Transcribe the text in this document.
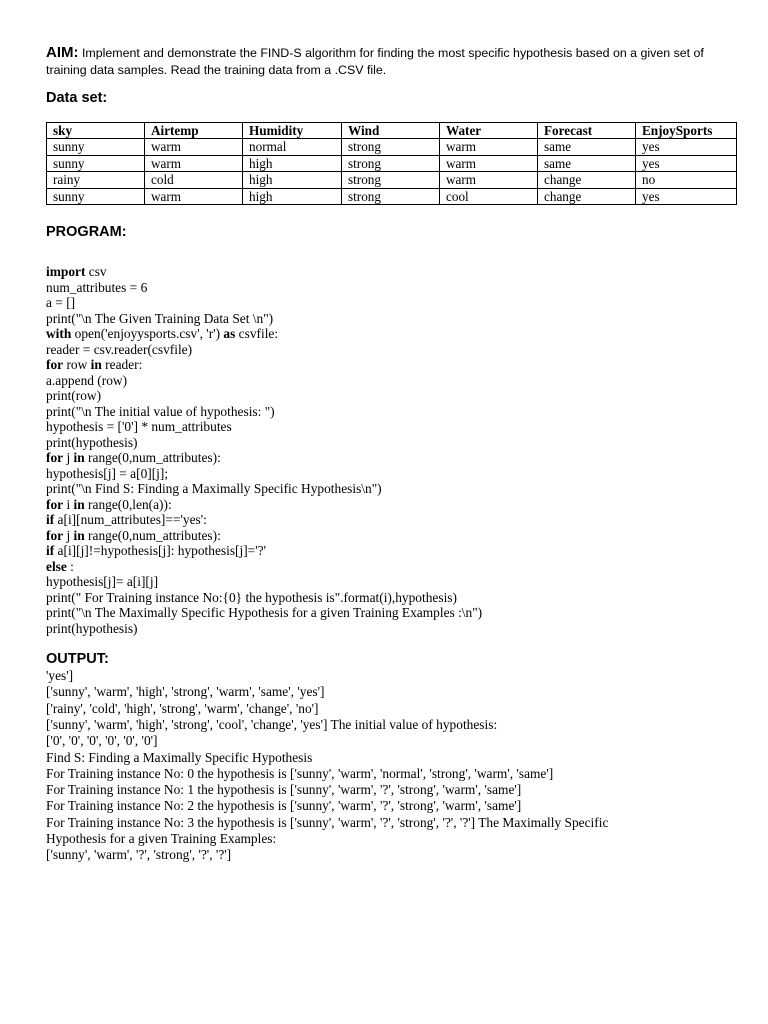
AIM: Implement and demonstrate the FIND-S algorithm for finding the most specific hypothesis based on a given set of training data samples. Read the training data from a .CSV file.

Data set:
sky	Airtemp	Humidity	Wind	Water	Forecast	EnjoySports
sunny	warm	normal	strong	warm	same	yes
sunny	warm	high	strong	warm	same	yes
rainy	cold	high	strong	warm	change	no
sunny	warm	high	strong	cool	change	yes
PROGRAM:
import csv
num_attributes = 6
a = []
print("\n The Given Training Data Set \n")
with open('enjoyysports.csv', 'r') as csvfile:
reader = csv.reader(csvfile)
for row in reader:
a.append (row)
print(row)
print("\n The initial value of hypothesis: ")
hypothesis = ['0'] * num_attributes
print(hypothesis)
for j in range(0,num_attributes):
hypothesis[j] = a[0][j];
print("\n Find S: Finding a Maximally Specific Hypothesis\n")
for i in range(0,len(a)):
if a[i][num_attributes]=='yes':
for j in range(0,num_attributes):
if a[i][j]!=hypothesis[j]: hypothesis[j]='?'
else :
hypothesis[j]= a[i][j]
print(" For Training instance No:{0} the hypothesis is".format(i),hypothesis)
print("\n The Maximally Specific Hypothesis for a given Training Examples :\n")
print(hypothesis)
OUTPUT:
'yes']
['sunny', 'warm', 'high', 'strong', 'warm', 'same', 'yes']
['rainy', 'cold', 'high', 'strong', 'warm', 'change', 'no']
['sunny', 'warm', 'high', 'strong', 'cool', 'change', 'yes'] The initial value of hypothesis:
['0', '0', '0', '0', '0', '0']
Find S: Finding a Maximally Specific Hypothesis
For Training instance No: 0 the hypothesis is ['sunny', 'warm', 'normal', 'strong', 'warm', 'same']
For Training instance No: 1 the hypothesis is ['sunny', 'warm', '?', 'strong', 'warm', 'same']
For Training instance No: 2 the hypothesis is ['sunny', 'warm', '?', 'strong', 'warm', 'same']
For Training instance No: 3 the hypothesis is ['sunny', 'warm', '?', 'strong', '?', '?'] The Maximally Specific
Hypothesis for a given Training Examples:
['sunny', 'warm', '?', 'strong', '?', '?']
